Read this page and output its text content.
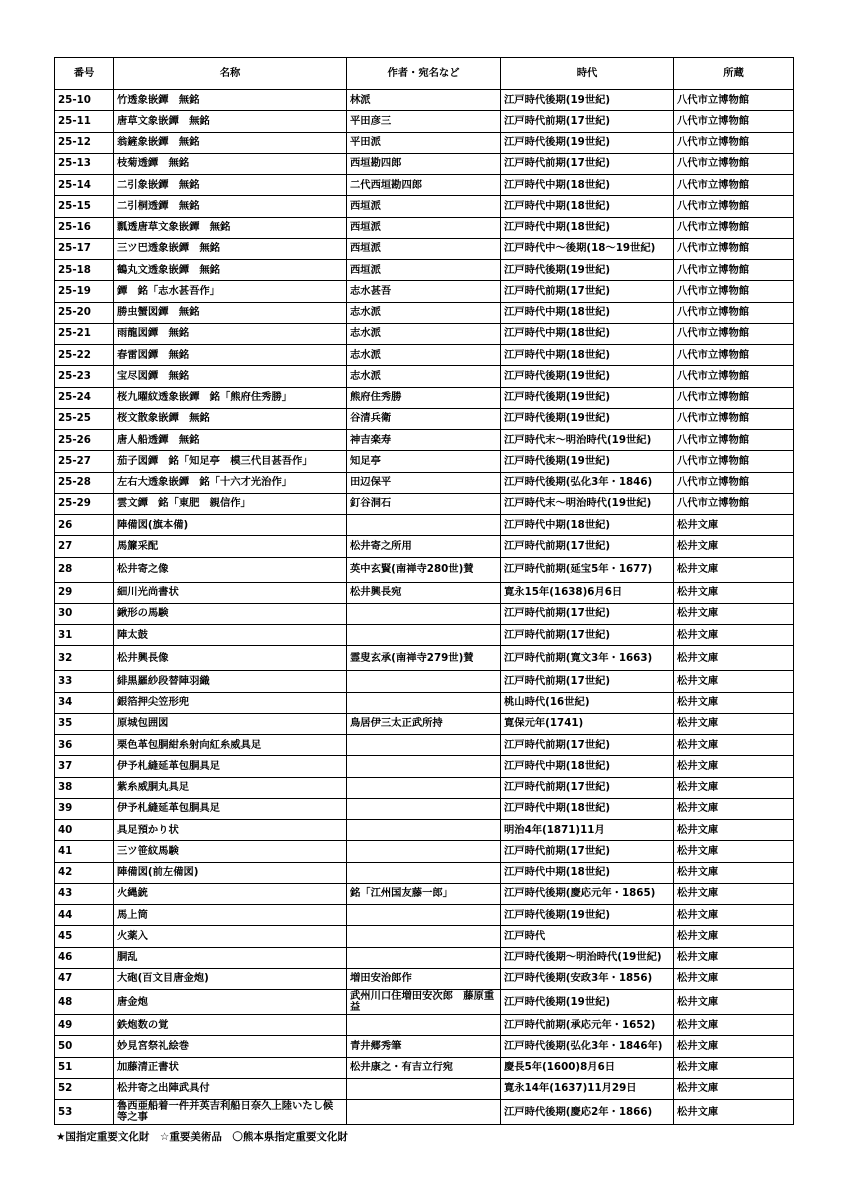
番号	名称	作者・宛名など	時代	所蔵
25-10	竹透象嵌鐔　無銘	林派	江戸時代後期(19世紀)	八代市立博物館
25-11	唐草文象嵌鐔　無銘	平田彦三	江戸時代前期(17世紀)	八代市立博物館
25-12	翁鏟象嵌鐔　無銘	平田派	江戸時代後期(19世紀)	八代市立博物館
25-13	枝菊透鐔　無銘	西垣勘四郎	江戸時代前期(17世紀)	八代市立博物館
25-14	二引象嵌鐔　無銘	二代西垣勘四郎	江戸時代中期(18世紀)	八代市立博物館
25-15	二引桐透鐔　無銘	西垣派	江戸時代中期(18世紀)	八代市立博物館
25-16	瓢透唐草文象嵌鐔　無銘	西垣派	江戸時代中期(18世紀)	八代市立博物館
25-17	三ツ巴透象嵌鐔　無銘	西垣派	江戸時代中～後期(18～19世紀)	八代市立博物館
25-18	鶴丸文透象嵌鐔　無銘	西垣派	江戸時代後期(19世紀)	八代市立博物館
25-19	鐔　銘「志水甚吾作」	志水甚吾	江戸時代前期(17世紀)	八代市立博物館
25-20	勝虫蟹図鐔　無銘	志水派	江戸時代中期(18世紀)	八代市立博物館
25-21	雨龍図鐔　無銘	志水派	江戸時代中期(18世紀)	八代市立博物館
25-22	春雷図鐔　無銘	志水派	江戸時代中期(18世紀)	八代市立博物館
25-23	宝尽図鐔　無銘	志水派	江戸時代後期(19世紀)	八代市立博物館
25-24	桜九曜紋透象嵌鐔　銘「熊府住秀勝」	熊府住秀勝	江戸時代後期(19世紀)	八代市立博物館
25-25	桜文散象嵌鐔　無銘	谷清兵衛	江戸時代後期(19世紀)	八代市立博物館
25-26	唐人船透鐔　無銘	神吉楽寿	江戸時代末～明治時代(19世紀)	八代市立博物館
25-27	茄子図鐔　銘「知足亭　模三代目甚吾作」	知足亭	江戸時代後期(19世紀)	八代市立博物館
25-28	左右大透象嵌鐔　銘「十六才光治作」	田辺保平	江戸時代後期(弘化3年・1846)	八代市立博物館
25-29	雲文鐔　銘「東肥　親信作」	釘谷洞石	江戸時代末～明治時代(19世紀)	八代市立博物館
26	陣備図(旗本備)		江戸時代中期(18世紀)	松井文庫
27	馬簾采配	松井寄之所用	江戸時代前期(17世紀)	松井文庫
28	松井寄之像	英中玄賢(南禅寺280世)賛	江戸時代前期(延宝5年・1677)	松井文庫
29	細川光尚書状	松井興長宛	寛永15年(1638)6月6日	松井文庫
30	鍬形の馬験		江戸時代前期(17世紀)	松井文庫
31	陣太鼓		江戸時代前期(17世紀)	松井文庫
32	松井興長像	霊叟玄承(南禅寺279世)賛	江戸時代前期(寛文3年・1663)	松井文庫
33	緋黒羅紗段替陣羽織		江戸時代前期(17世紀)	松井文庫
34	銀箔押尖笠形兜		桃山時代(16世紀)	松井文庫
35	原城包囲図	鳥居伊三太正武所持	寛保元年(1741)	松井文庫
36	栗色革包胴紺糸射向紅糸威具足		江戸時代前期(17世紀)	松井文庫
37	伊予札縫延革包胴具足		江戸時代中期(18世紀)	松井文庫
38	紫糸威胴丸具足		江戸時代前期(17世紀)	松井文庫
39	伊予札縫延革包胴具足		江戸時代中期(18世紀)	松井文庫
40	具足預かり状		明治4年(1871)11月	松井文庫
41	三ツ笹紋馬験		江戸時代前期(17世紀)	松井文庫
42	陣備図(前左備図)		江戸時代中期(18世紀)	松井文庫
43	火縄銃	銘「江州国友藤一郎」	江戸時代後期(慶応元年・1865)	松井文庫
44	馬上筒		江戸時代後期(19世紀)	松井文庫
45	火薬入		江戸時代	松井文庫
46	胴乱		江戸時代後期～明治時代(19世紀)	松井文庫
47	大砲(百文目唐金炮)	増田安治郎作	江戸時代後期(安政3年・1856)	松井文庫
48	唐金炮	武州川口住増田安次郎　藤原重益	江戸時代後期(19世紀)	松井文庫
49	鉄炮数の覚		江戸時代前期(承応元年・1652)	松井文庫
50	妙見宮祭礼絵巻	青井郷秀筆	江戸時代後期(弘化3年・1846年)	松井文庫
51	加藤清正書状	松井康之・有吉立行宛	慶長5年(1600)8月6日	松井文庫
52	松井寄之出陣武具付		寛永14年(1637)11月29日	松井文庫
53	魯西亜船着一件并英吉利船日奈久上陸いたし候等之事		江戸時代後期(慶応2年・1866)	松井文庫
★国指定重要文化財　☆重要美術品　〇熊本県指定重要文化財
